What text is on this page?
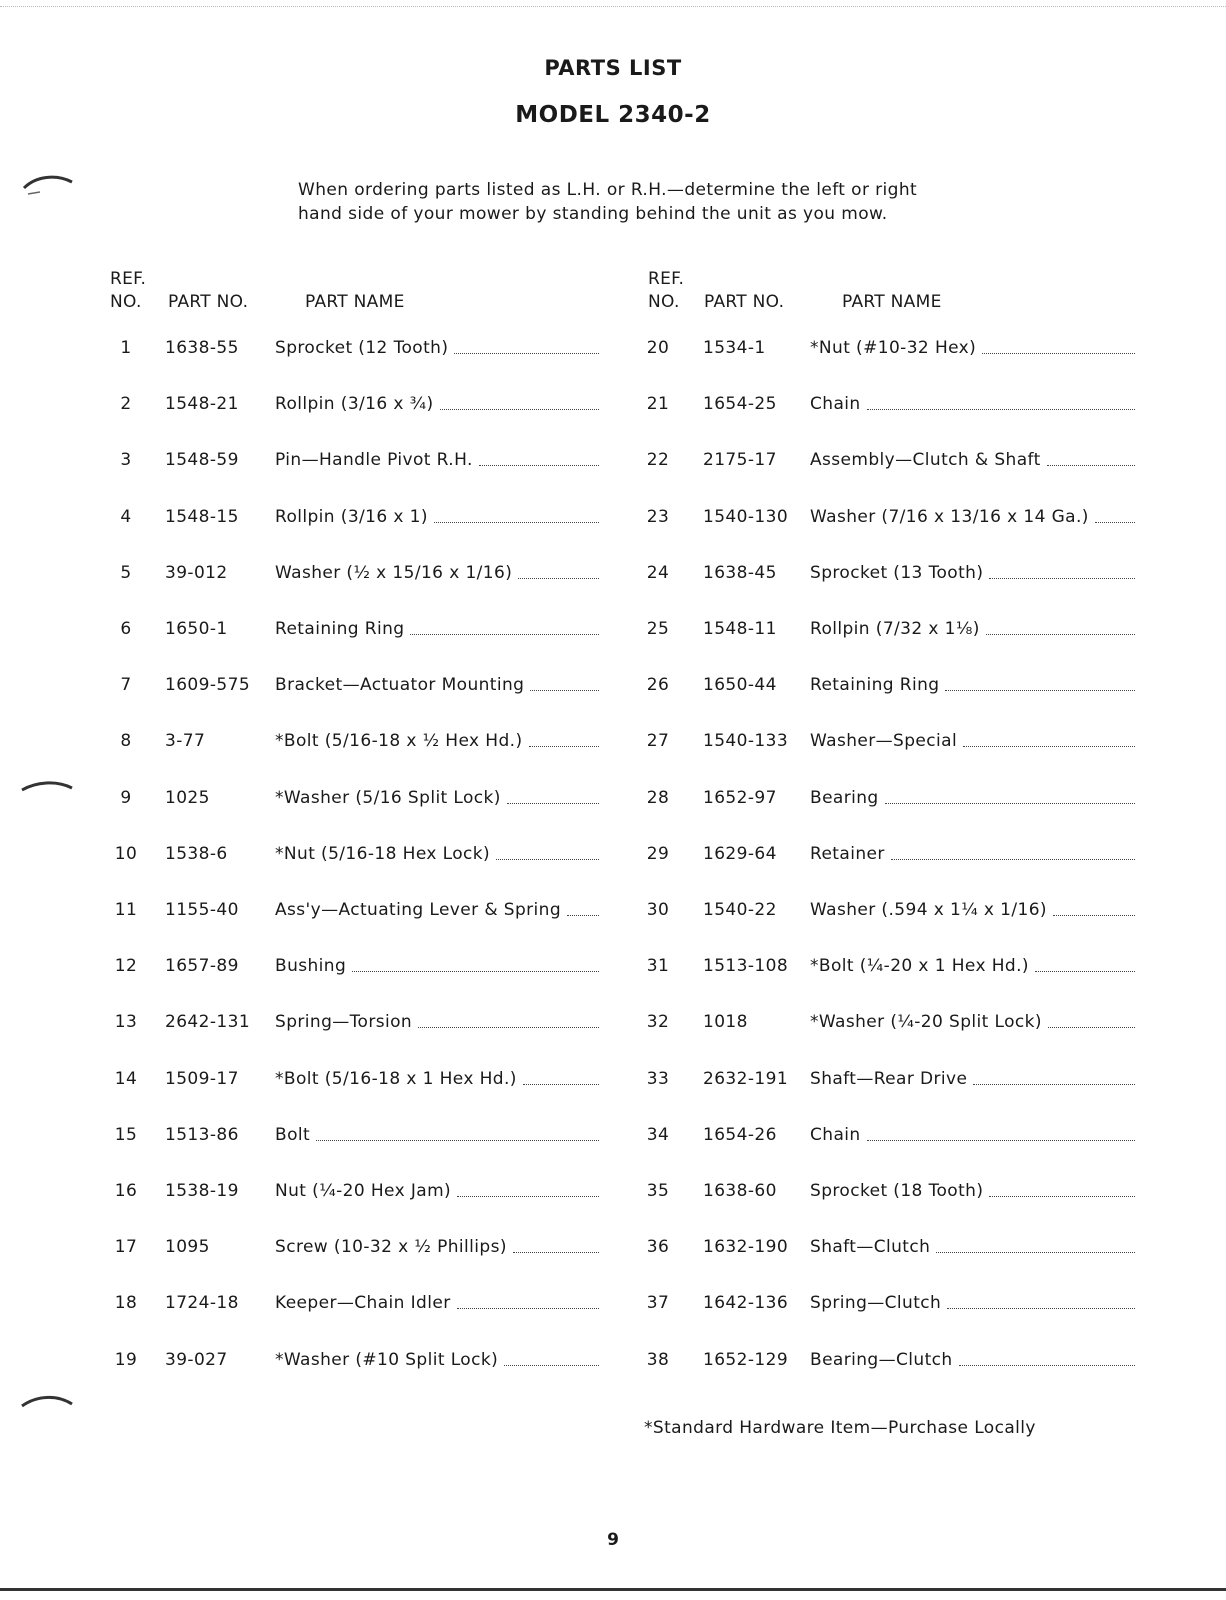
PARTS LIST
MODEL 2340-2
When ordering parts listed as L.H. or R.H.—determine the left or right
hand side of your mower by standing behind the unit as you mow.
REF.
NO. PART NO.	PART NAME
REF.
NO. PART NO.	PART NAME
1	1638-55 Sprocket (12 Tooth)
2	1548-21 Rollpin (3/16 x ¾)
3	1548-59 Pin—Handle Pivot R.H.
4	1548-15 Rollpin (3/16 x 1)
5	39-012	Washer (½ x 15/16 x 1/16)
6	1650-1	Retaining Ring
7	1609-575 Bracket—Actuator Mounting
8	3-77	*Bolt (5/16-18 x ½ Hex Hd.)
9	1025	*Washer (5/16 Split Lock)
10	1538-6	*Nut (5/16-18 Hex Lock)
11	1155-40 Ass'y—Actuating Lever & Spring
12	1657-89 Bushing
13	2642-131 Spring—Torsion
14	1509-17 *Bolt (5/16-18 x 1 Hex Hd.)
15	1513-86 Bolt
16	1538-19 Nut (¼-20 Hex Jam)
17	1095	Screw (10-32 x ½ Phillips)
18	1724-18 Keeper—Chain Idler
19	39-027	*Washer (#10 Split Lock)
20	1534-1	*Nut (#10-32 Hex)
21	1654-25 Chain
22	2175-17 Assembly—Clutch & Shaft
23	1540-130 Washer (7/16 x 13/16 x 14 Ga.)
24	1638-45 Sprocket (13 Tooth)
25	1548-11 Rollpin (7/32 x 1⅛)
26	1650-44 Retaining Ring
27	1540-133 Washer—Special
28	1652-97 Bearing
29	1629-64 Retainer
30	1540-22 Washer (.594 x 1¼ x 1/16)
31	1513-108 *Bolt (¼-20 x 1 Hex Hd.)
32	1018	*Washer (¼-20 Split Lock)
33	2632-191 Shaft—Rear Drive
34	1654-26 Chain
35	1638-60 Sprocket (18 Tooth)
36	1632-190 Shaft—Clutch
37	1642-136 Spring—Clutch
38	1652-129 Bearing—Clutch
*Standard Hardware Item—Purchase Locally
9
